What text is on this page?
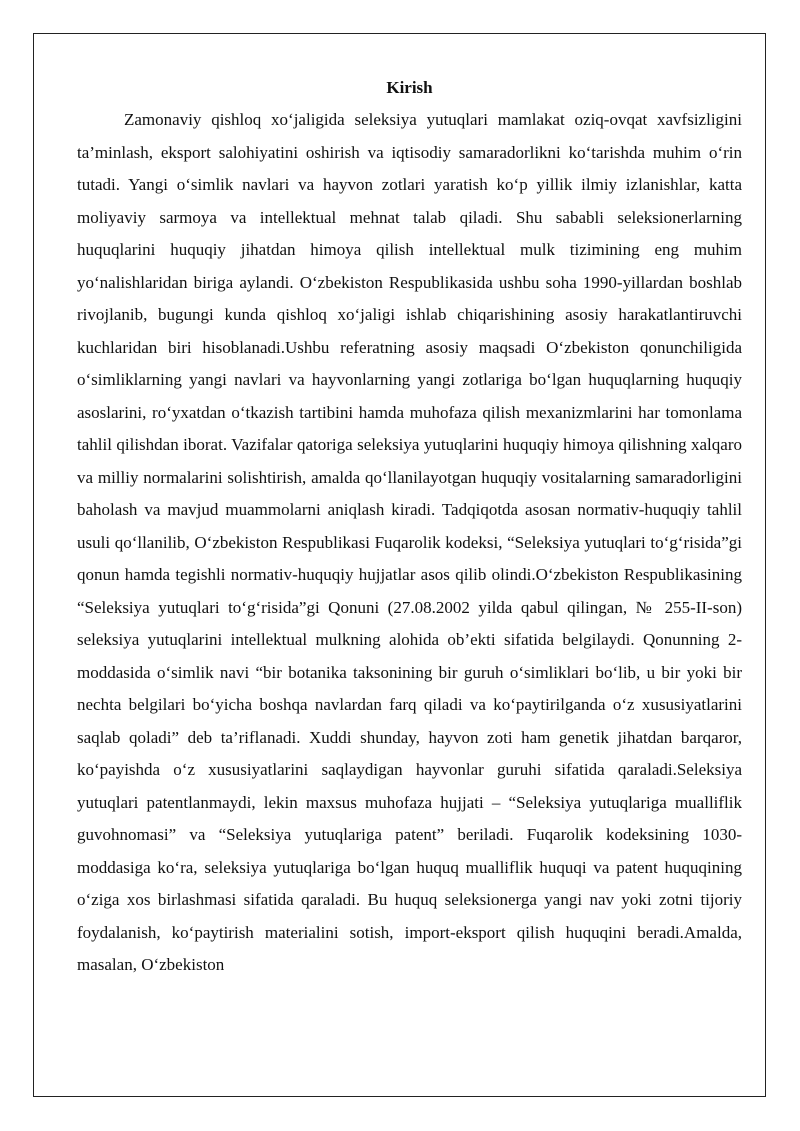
Kirish

Zamonaviy qishloq xo‘jaligida seleksiya yutuqlari mamlakat oziq-ovqat xavfsizligini ta’minlash, eksport salohiyatini oshirish va iqtisodiy samaradorlikni ko‘tarishda muhim o‘rin tutadi. Yangi o‘simlik navlari va hayvon zotlari yaratish ko‘p yillik ilmiy izlanishlar, katta moliyaviy sarmoya va intellektual mehnat talab qiladi. Shu sababli seleksionerlarning huquqlarini huquqiy jihatdan himoya qilish intellektual mulk tizimining eng muhim yo‘nalishlaridan biriga aylandi. O‘zbekiston Respublikasida ushbu soha 1990-yillardan boshlab rivojlanib, bugungi kunda qishloq xo‘jaligi ishlab chiqarishining asosiy harakatlantiruvchi kuchlaridan biri hisoblanadi.Ushbu referatning asosiy maqsadi O‘zbekiston qonunchiligida o‘simliklarning yangi navlari va hayvonlarning yangi zotlariga bo‘lgan huquqlarning huquqiy asoslarini, ro‘yxatdan o‘tkazish tartibini hamda muhofaza qilish mexanizmlarini har tomonlama tahlil qilishdan iborat. Vazifalar qatoriga seleksiya yutuqlarini huquqiy himoya qilishning xalqaro va milliy normalarini solishtirish, amalda qo‘llanilayotgan huquqiy vositalarning samaradorligini baholash va mavjud muammolarni aniqlash kiradi. Tadqiqotda asosan normativ-huquqiy tahlil usuli qo‘llanilib, O‘zbekiston Respublikasi Fuqarolik kodeksi, “Seleksiya yutuqlari to‘g‘risida”gi qonun hamda tegishli normativ-huquqiy hujjatlar asos qilib olindi.O‘zbekiston Respublikasining “Seleksiya yutuqlari to‘g‘risida”gi Qonuni (27.08.2002 yilda qabul qilingan, № 255-II-son) seleksiya yutuqlarini intellektual mulkning alohida ob’ekti sifatida belgilaydi. Qonunning 2-moddasida o‘simlik navi “bir botanika taksonining bir guruh o‘simliklari bo‘lib, u bir yoki bir nechta belgilari bo‘yicha boshqa navlardan farq qiladi va ko‘paytirilganda o‘z xususiyatlarini saqlab qoladi” deb ta’riflanadi. Xuddi shunday, hayvon zoti ham genetik jihatdan barqaror, ko‘payishda o‘z xususiyatlarini saqlaydigan hayvonlar guruhi sifatida qaraladi.Seleksiya yutuqlari patentlanmaydi, lekin maxsus muhofaza hujjati – “Seleksiya yutuqlariga mualliflik guvohnomasi” va “Seleksiya yutuqlariga patent” beriladi. Fuqarolik kodeksining 1030-moddasiga ko‘ra, seleksiya yutuqlariga bo‘lgan huquq mualliflik huquqi va patent huquqining o‘ziga xos birlashmasi sifatida qaraladi. Bu huquq seleksionerga yangi nav yoki zotni tijoriy foydalanish, ko‘paytirish materialini sotish, import-eksport qilish huquqini beradi.Amalda, masalan, O‘zbekiston
